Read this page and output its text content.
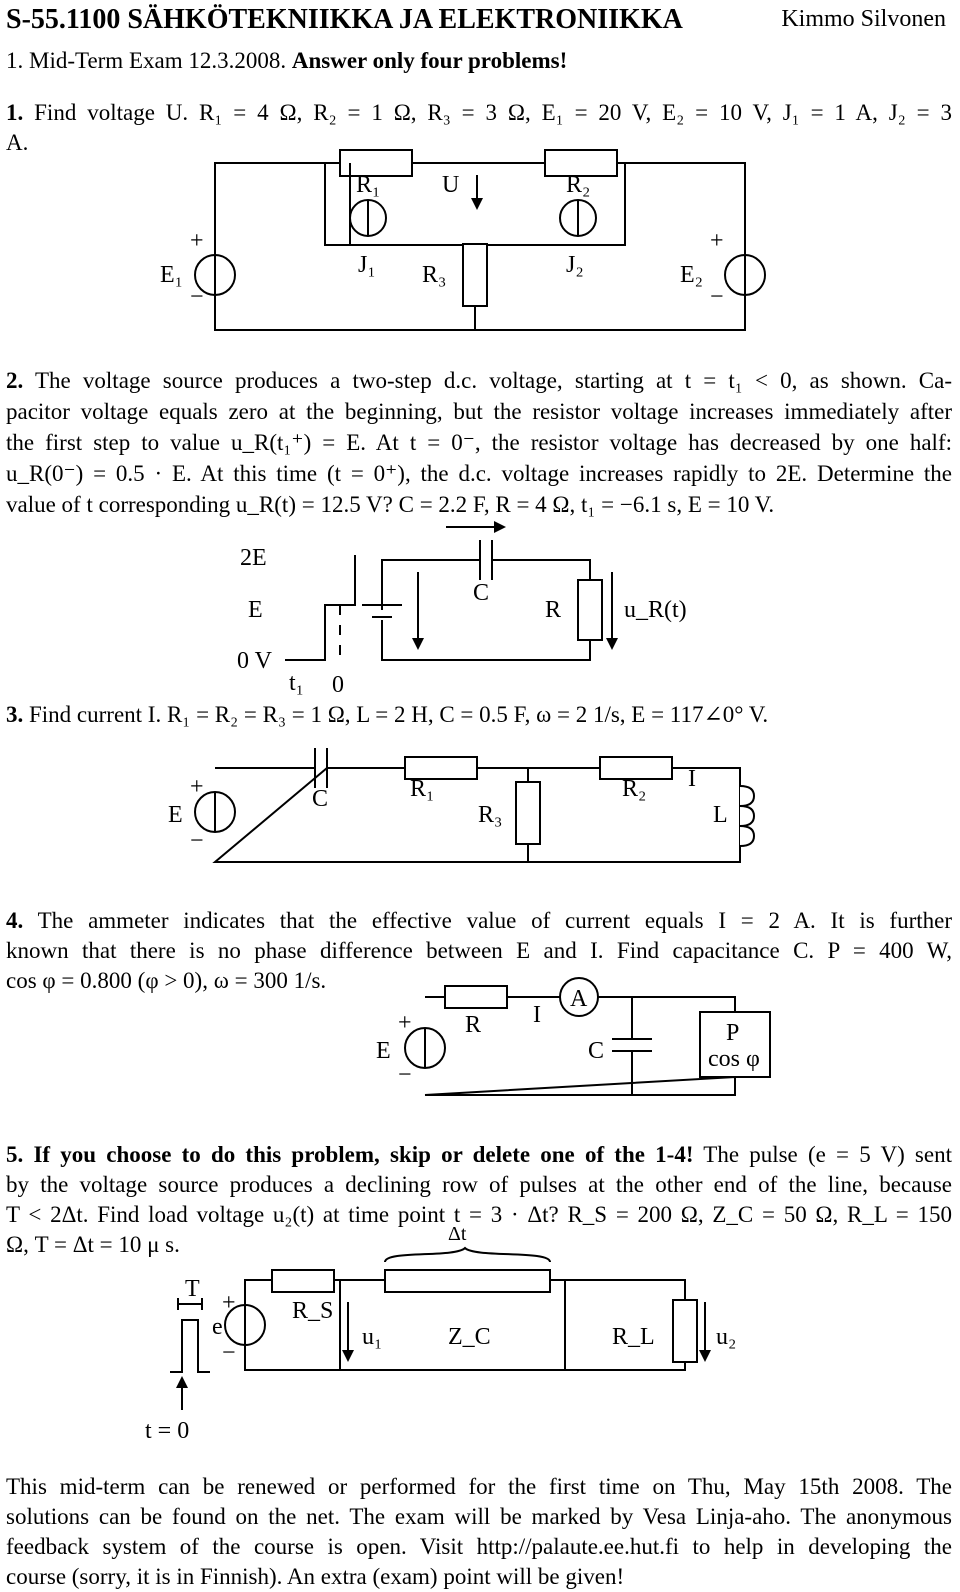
S-55.1100 SÄHKÖTEKNIIKKA JA ELEKTRONIIKKA	Kimmo Silvonen
1. Mid-Term Exam 12.3.2008. Answer only four problems!
1. Find voltage U. R₁ = 4 Ω, R₂ = 1 Ω, R₃ = 3 Ω, E₁ = 20 V, E₂ = 10 V, J₁ = 1 A, J₂ = 3
A.
R₁	U	R₂
+
E₁
−
J₁ R₃	J₂
+
E₂
−
2. The voltage source produces a two-step d.c. voltage, starting at t = t₁ < 0, as shown. Ca-
pacitor voltage equals zero at the beginning, but the resistor voltage increases immediately after
the first step to value u_R(t₁⁺) = E. At t = 0⁻, the resistor voltage has decreased by one half:
u_R(0⁻) = 0.5 · E. At this time (t = 0⁺), the d.c. voltage increases rapidly to 2E. Determine the
value of t corresponding u_R(t) = 12.5 V? C = 2.2 F, R = 4 Ω, t₁ = −6.1 s, E = 10 V.
2E
E
0 V
t₁ 0
C
R	u_R(t)
3. Find current I. R₁ = R₂ = R₃ = 1 Ω, L = 2 H, C = 0.5 F, ω = 2 1/s, E = 117∠0° V.
+
E
−
C	R₁
R₃
R₂ I
L
4. The ammeter indicates that the effective value of current equals I = 2 A. It is further
known that there is no phase difference between E and I. Find capacitance C. P = 400 W,
cos φ = 0.800 (φ > 0), ω = 300 1/s.
+
E
−
R I
A
C
P
cos φ
5. If you choose to do this problem, skip or delete one of the 1-4! The pulse (e = 5 V) sent
by the voltage source produces a declining row of pulses at the other end of the line, because
T < 2Δt. Find load voltage u₂(t) at time point t = 3 · Δt? R_S = 200 Ω, Z_C = 50 Ω, R_L = 150
Ω, T = Δt = 10 μ s.
T
+
e
−
R_S
u₁	Z_C	R_L	u₂
Δt
t = 0
This mid-term can be renewed or performed for the first time on Thu, May 15th 2008. The
solutions can be found on the net. The exam will be marked by Vesa Linja-aho. The anonymous
feedback system of the course is open. Visit http://palaute.ee.hut.fi to help in developing the
course (sorry, it is in Finnish). An extra (exam) point will be given!
